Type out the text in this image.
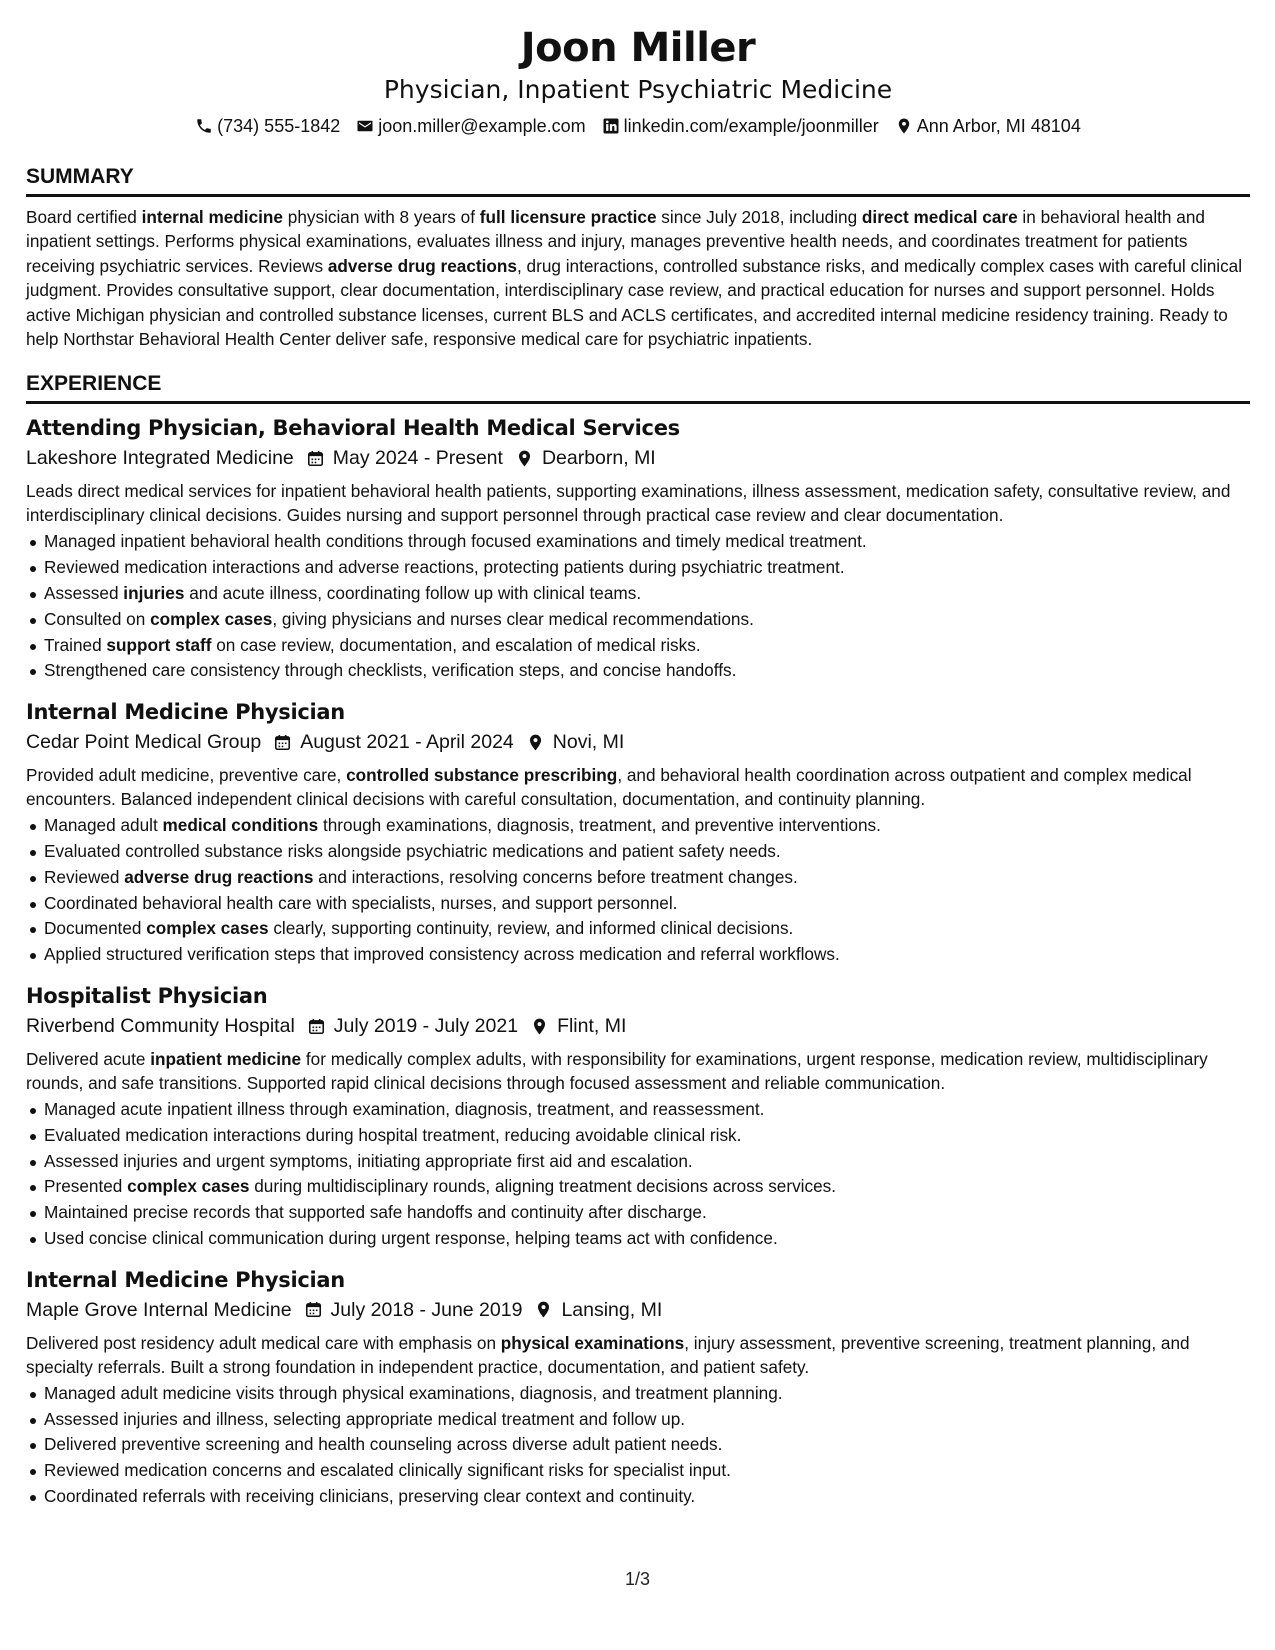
Joon Miller
Physician, Inpatient Psychiatric Medicine
(734) 555-1842 joon.miller@example.com linkedin.com/example/joonmiller Ann Arbor, MI 48104
SUMMARY

Board certified internal medicine physician with 8 years of full licensure practice since July 2018, including direct medical care in behavioral health and inpatient settings. Performs physical examinations, evaluates illness and injury, manages preventive health needs, and coordinates treatment for patients receiving psychiatric services. Reviews adverse drug reactions, drug interactions, controlled substance risks, and medically complex cases with careful clinical judgment. Provides consultative support, clear documentation, interdisciplinary case review, and practical education for nurses and support personnel. Holds active Michigan physician and controlled substance licenses, current BLS and ACLS certificates, and accredited internal medicine residency training. Ready to help Northstar Behavioral Health Center deliver safe, responsive medical care for psychiatric inpatients.

EXPERIENCE
Attending Physician, Behavioral Health Medical Services
Lakeshore Integrated Medicine May 2024 - Present Dearborn, MI

Leads direct medical services for inpatient behavioral health patients, supporting examinations, illness assessment, medication safety, consultative review, and interdisciplinary clinical decisions. Guides nursing and support personnel through practical case review and clear documentation.

Managed inpatient behavioral health conditions through focused examinations and timely medical treatment.
Reviewed medication interactions and adverse reactions, protecting patients during psychiatric treatment.
Assessed injuries and acute illness, coordinating follow up with clinical teams.
Consulted on complex cases, giving physicians and nurses clear medical recommendations.
Trained support staff on case review, documentation, and escalation of medical risks.
Strengthened care consistency through checklists, verification steps, and concise handoffs.
Internal Medicine Physician
Cedar Point Medical Group August 2021 - April 2024 Novi, MI

Provided adult medicine, preventive care, controlled substance prescribing, and behavioral health coordination across outpatient and complex medical encounters. Balanced independent clinical decisions with careful consultation, documentation, and continuity planning.

Managed adult medical conditions through examinations, diagnosis, treatment, and preventive interventions.
Evaluated controlled substance risks alongside psychiatric medications and patient safety needs.
Reviewed adverse drug reactions and interactions, resolving concerns before treatment changes.
Coordinated behavioral health care with specialists, nurses, and support personnel.
Documented complex cases clearly, supporting continuity, review, and informed clinical decisions.
Applied structured verification steps that improved consistency across medication and referral workflows.
Hospitalist Physician
Riverbend Community Hospital July 2019 - July 2021 Flint, MI

Delivered acute inpatient medicine for medically complex adults, with responsibility for examinations, urgent response, medication review, multidisciplinary rounds, and safe transitions. Supported rapid clinical decisions through focused assessment and reliable communication.

Managed acute inpatient illness through examination, diagnosis, treatment, and reassessment.
Evaluated medication interactions during hospital treatment, reducing avoidable clinical risk.
Assessed injuries and urgent symptoms, initiating appropriate first aid and escalation.
Presented complex cases during multidisciplinary rounds, aligning treatment decisions across services.
Maintained precise records that supported safe handoffs and continuity after discharge.
Used concise clinical communication during urgent response, helping teams act with confidence.
Internal Medicine Physician
Maple Grove Internal Medicine July 2018 - June 2019 Lansing, MI

Delivered post residency adult medical care with emphasis on physical examinations, injury assessment, preventive screening, treatment planning, and specialty referrals. Built a strong foundation in independent practice, documentation, and patient safety.

Managed adult medicine visits through physical examinations, diagnosis, and treatment planning.
Assessed injuries and illness, selecting appropriate medical treatment and follow up.
Delivered preventive screening and health counseling across diverse adult patient needs.
Reviewed medication concerns and escalated clinically significant risks for specialist input.
Coordinated referrals with receiving clinicians, preserving clear context and continuity.
1/3
